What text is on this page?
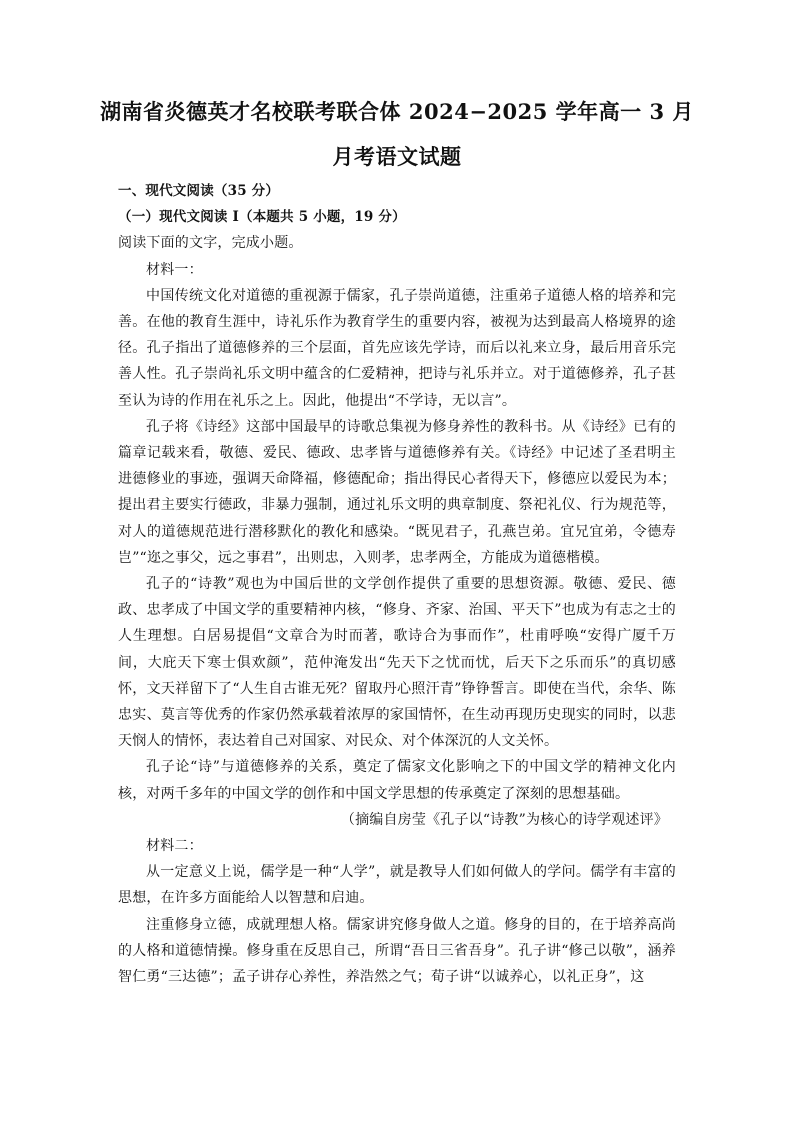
湖南省炎德英才名校联考联合体 2024−2025 学年高一 3 月
月考语文试题

一、现代文阅读（35 分）

（一）现代文阅读 I（本题共 5 小题，19 分）

阅读下面的文字，完成小题。

材料一：

中国传统文化对道德的重视源于儒家，孔子崇尚道德，注重弟子道德人格的培养和完善。在他的教育生涯中，诗礼乐作为教育学生的重要内容，被视为达到最高人格境界的途径。孔子指出了道德修养的三个层面，首先应该先学诗，而后以礼来立身，最后用音乐完善人性。孔子崇尚礼乐文明中蕴含的仁爱精神，把诗与礼乐并立。对于道德修养，孔子甚至认为诗的作用在礼乐之上。因此，他提出“不学诗，无以言”。

孔子将《诗经》这部中国最早的诗歌总集视为修身养性的教科书。从《诗经》已有的篇章记载来看，敬德、爱民、德政、忠孝皆与道德修养有关。《诗经》中记述了圣君明主进德修业的事迹，强调天命降福，修德配命；指出得民心者得天下，修德应以爱民为本；提出君主要实行德政，非暴力强制，通过礼乐文明的典章制度、祭祀礼仪、行为规范等，对人的道德规范进行潜移默化的教化和感染。“既见君子，孔燕岂弟。宜兄宜弟，令德寿岂”“迩之事父，远之事君”，出则忠，入则孝，忠孝两全，方能成为道德楷模。

孔子的“诗教”观也为中国后世的文学创作提供了重要的思想资源。敬德、爱民、德政、忠孝成了中国文学的重要精神内核，“修身、齐家、治国、平天下”也成为有志之士的人生理想。白居易提倡“文章合为时而著，歌诗合为事而作”，杜甫呼唤“安得广厦千万间，大庇天下寒士俱欢颜”，范仲淹发出“先天下之忧而忧，后天下之乐而乐”的真切感怀，文天祥留下了“人生自古谁无死？留取丹心照汗青”铮铮誓言。即使在当代，余华、陈忠实、莫言等优秀的作家仍然承载着浓厚的家国情怀，在生动再现历史现实的同时，以悲天悯人的情怀，表达着自己对国家、对民众、对个体深沉的人文关怀。

孔子论“诗”与道德修养的关系，奠定了儒家文化影响之下的中国文学的精神文化内核，对两千多年的中国文学的创作和中国文学思想的传承奠定了深刻的思想基础。

（摘编自房莹《孔子以“诗教”为核心的诗学观述评》

材料二：

从一定意义上说，儒学是一种“人学”，就是教导人们如何做人的学问。儒学有丰富的思想，在许多方面能给人以智慧和启迪。

注重修身立德，成就理想人格。儒家讲究修身做人之道。修身的目的，在于培养高尚的人格和道德情操。修身重在反思自己，所谓“吾日三省吾身”。孔子讲“修己以敬”，涵养智仁勇“三达德”；孟子讲存心养性，养浩然之气；荀子讲“以诚养心，以礼正身”，这
